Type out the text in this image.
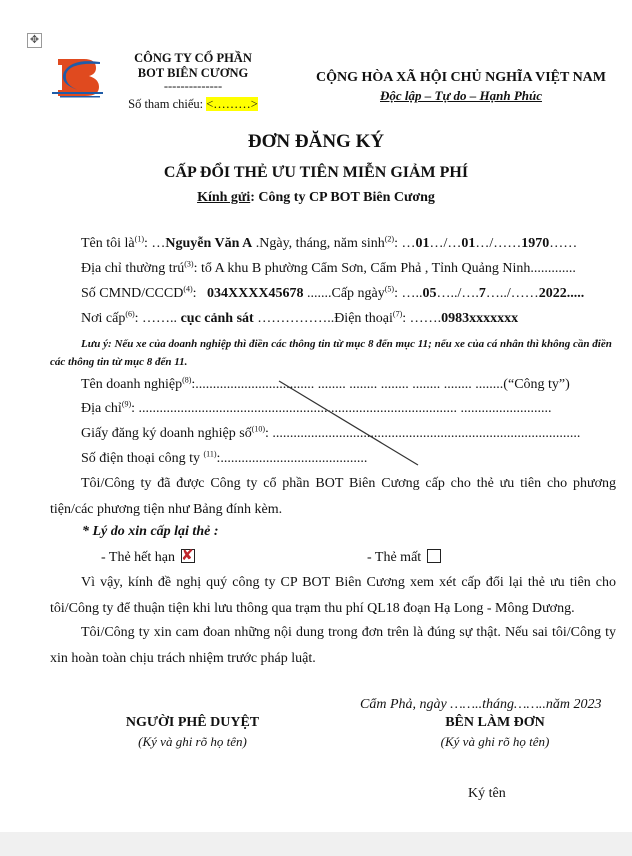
✥
CÔNG TY CỔ PHẦN
BOT BIÊN CƯƠNG
--------------
Số tham chiếu: <………>
CỘNG HÒA XÃ HỘI CHỦ NGHĨA VIỆT NAM
Độc lập – Tự do – Hạnh Phúc
ĐƠN ĐĂNG KÝ
CẤP ĐỔI THẺ ƯU TIÊN MIỄN GIẢM PHÍ
Kính gửi: Công ty CP BOT Biên Cương
Tên tôi $là^{(1)}$: …Nguyễn Văn A .Ngày, tháng, năm $\sinh^{(2)}$: …01…/…01…/……1970……
Địa chỉ thường trú$^{(3)}$: tổ A khu B phường Cẩm Sơn, Cẩm Phả , Tỉnh Quảng Ninh.............
Số CMND/CCCD$^{(4)}$:   034XXXX45678 .......Cấp ngày$^{(5)}$: …..05…../….7…../……2022.....
Nơi cấp$^{(6)}$: …….. cục cảnh sát ……………..Điện thoại$^{(7)}$: …….0983xxxxxxx
Lưu ý: Nếu xe của doanh nghiệp thì điền các thông tin từ mục 8 đến mục 11; nếu xe của cá nhân thì không cần điền các thông tin từ mục 8 đến 11.
Tên doanh nghiệp$^{(8)}$:.................................. ........ ........ ........ ........ ........ ........(“Công ty”)
Địa chỉ$^{(9)}$: ........................................................................................... ..........................
Giấy đăng ký doanh nghiệp số$^{(10)}$: ........................................................................................
Số điện thoại công ty $^{(11)}$:..........................................
Tôi/Công ty đã được Công ty cổ phần BOT Biên Cương cấp cho thẻ ưu tiên cho phương tiện/các phương tiện như Bảng đính kèm.
* Lý do xin cấp lại thẻ :
- Thẻ hết hạn ✘	- Thẻ mất
Vì vậy, kính đề nghị quý công ty CP BOT Biên Cương xem xét cấp đổi lại thẻ ưu tiên cho tôi/Công ty để thuận tiện khi lưu thông qua trạm thu phí QL18 đoạn Hạ Long - Mông Dương.
Tôi/Công ty xin cam đoan những nội dung trong đơn trên là đúng sự thật. Nếu sai tôi/Công ty xin hoàn toàn chịu trách nhiệm trước pháp luật.
Cẩm Phả, ngày ……..tháng……..năm 2023
NGƯỜI PHÊ DUYỆT
(Ký và ghi rõ họ tên)
BÊN LÀM ĐƠN
(Ký và ghi rõ họ tên)
Ký tên
